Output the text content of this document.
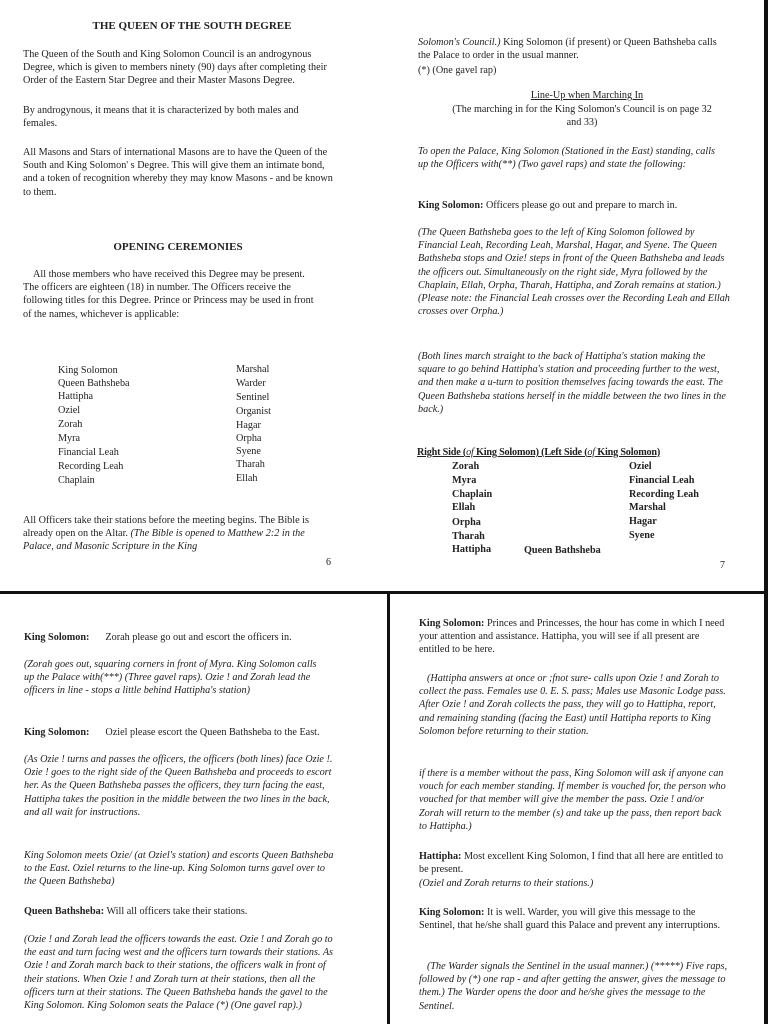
THE QUEEN OF THE SOUTH DEGREE

The Queen of the South and King Solomon Council is an androgynous Degree, which is given to members ninety (90) days after completing their Order of the Eastern Star Degree and their Master Masons Degree.

By androgynous, it means that it is characterized by both males and females.

All Masons and Stars of international Masons are to have the Queen of the South and King Solomon' s Degree. This will give them an intimate bond, and a token of recognition whereby they may know Masons - and be known to them.

OPENING CEREMONIES

All those members who have received this Degree may be present. The officers are eighteen (18) in number. The Officers receive the following titles for this Degree. Prince or Princess may be used in front of the names, whichever is applicable:

King Solomon
Queen Bathsheba
Hattipha
Oziel
Zorah
Myra
Financial Leah
Recording Leah
Chaplain
Marshal
Warder
Sentinel
Organist
Hagar
Orpha
Syene
Tharah
Ellah

All Officers take their stations before the meeting begins. The Bible is already open on the Altar. (The Bible is opened to Matthew 2:2 in the Palace, and Masonic Scripture in the King

6

Solomon's Council.) King Solomon (if present) or Queen Bathsheba calls the Palace to order in the usual manner.

(*) (One gavel rap)

Line-Up when Marching In

(The marching in for the King Solomon's Council is on page 32 and 33)

To open the Palace, King Solomon (Stationed in the East) standing, calls up the Officers with(**) (Two gavel raps) and state the following:

King Solomon: Officers please go out and prepare to march in.

(The Queen Bathsheba goes to the left of King Solomon followed by Financial Leah, Recording Leah, Marshal, Hagar, and Syene. The Queen Bathsheba stops and Ozie! steps in front of the Queen Bathsheba and leads the officers out. Simultaneously on the right side, Myra followed by the Chaplain, Ellah, Orpha, Tharah, Hattipha, and Zorah remains at station.)(Please note: the Financial Leah crosses over the Recording Leah and Ellah crosses over Orpha.)

(Both lines march straight to the back of Hattipha's station making the square to go behind Hattipha's station and proceeding further to the west, and then make a u-turn to position themselves facing towards the east. The Queen Bathsheba stations herself in the middle between the two lines in the back.)

Right Side (of King Solomon) (Left Side (of King Solomon)
Zorah
Myra
Chaplain
Ellah
Orpha
Tharah
Hattipha	Queen Bathsheba
Oziel
Financial Leah
Recording Leah
Marshal
Hagar
Syene
7

King Solomon: Zorah please go out and escort the officers in.

(Zorah goes out, squaring corners in front of Myra. King Solomon calls up the Palace with(***) (Three gavel raps). Ozie ! and Zorah lead the officers in line - stops a little behind Hattipha's station)

King Solomon: Oziel please escort the Queen Bathsheba to the East.

(As Ozie ! turns and passes the officers, the officers (both lines) face Ozie !. Ozie ! goes to the right side of the Queen Bathsheba and proceeds to escort her. As the Queen Bathsheba passes the officers, they turn facing the east, Hattipha takes the position in the middle between the two lines in the back, and all wait for instructions.

King Solomon meets Ozie/ (at Oziel's station) and escorts Queen Bathsheba to the East. Oziel returns to the line-up. King Solomon turns gavel over to the Queen Bathsheba)

Queen Bathsheba: Will all officers take their stations.

(Ozie ! and Zorah lead the officers towards the east. Ozie ! and Zorah go to the east and turn facing west and the officers turn towards their stations. As Ozie ! and Zorah march back to their stations, the officers walk in front of their stations. When Ozie ! and Zorah turn at their stations, then all the officers turn at their stations. The Queen Bathsheba hands the gavel to the King Solomon. King Solomon seats the Palace (*) (One gavel rap).)

King Solomon: Princes and Princesses, the hour has come in which I need your attention and assistance. Hattipha, you will see if all present are entitled to be here.

(Hattipha answers at once or ;fnot sure- calls upon Ozie ! and Zorah to collect the pass. Females use 0. E. S. pass; Males use Masonic Lodge pass. After Ozie ! and Zorah collects the pass, they will go to Hattipha, report, and remaining standing (facing the East) until Hattipha reports to King Solomon before returning to their station.

if there is a member without the pass, King Solomon will ask if anyone can vouch for each member standing. If member is vouched for, the person who vouched for that member will give the member the pass. Ozie ! and/or Zorah will return to the member (s) and take up the pass, then report back to Hattipha.)

Hattipha: Most excellent King Solomon, I find that all here are entitled to be present.

(Oziel and Zorah returns to their stations.)

King Solomon: It is well. Warder, you will give this message to the Sentinel, that he/she shall guard this Palace and prevent any interruptions.

(The Warder signals the Sentinel in the usual manner.) (*****) Five raps, followed by (*) one rap - and after getting the answer, gives the message to them.) The Warder opens the door and he/she gives the message to the Sentinel.
